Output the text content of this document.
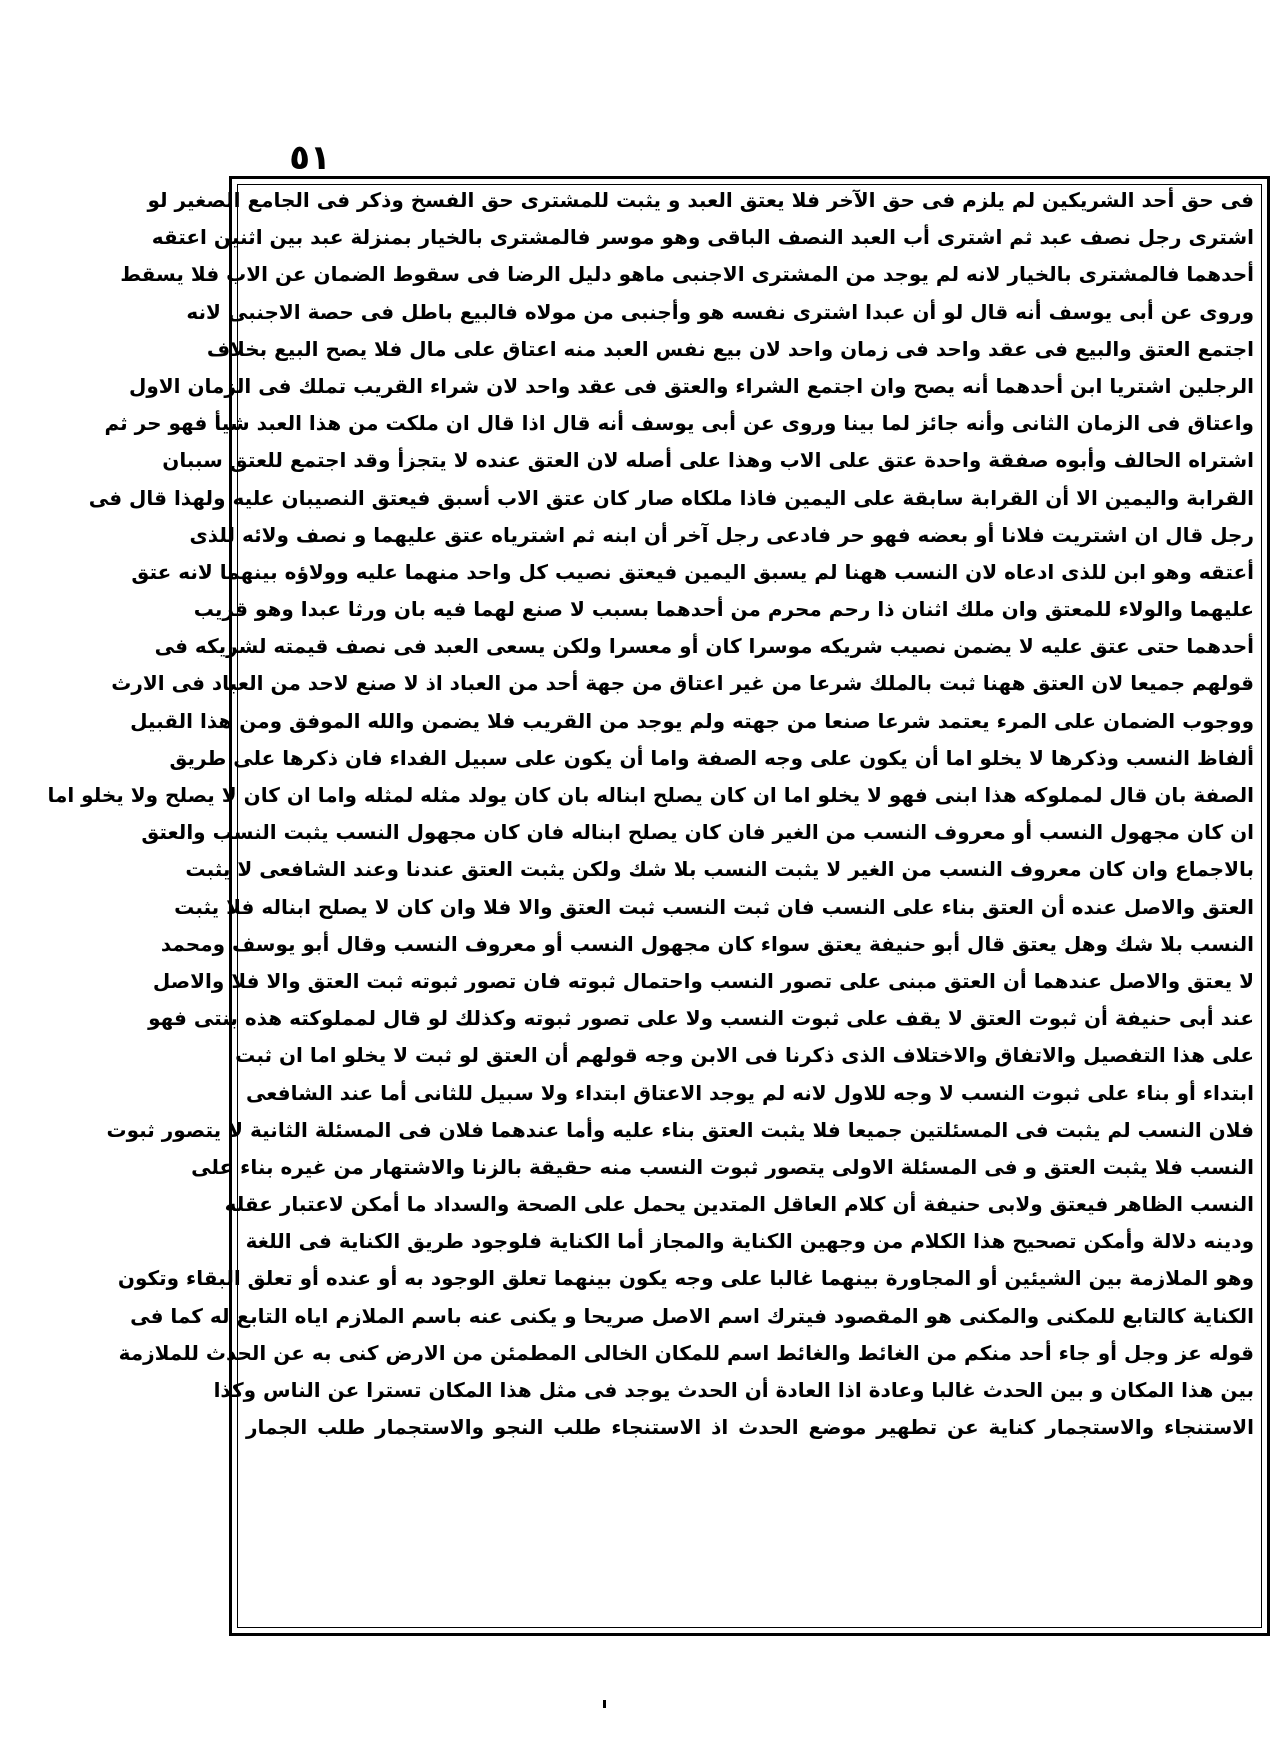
٥١
فى حق أحد الشريكين لم يلزم فى حق الآخر فلا يعتق العبد و يثبت للمشترى حق الفسخ وذكر فى الجامع الصغير لو
اشترى رجل نصف عبد ثم اشترى أب العبد النصف الباقى وهو موسر فالمشترى بالخيار بمنزلة عبد بين اثنين اعتقه
أحدهما فالمشترى بالخيار لانه لم يوجد من المشترى الاجنبى ماهو دليل الرضا فى سقوط الضمان عن الاب فلا يسقط
وروى عن أبى يوسف أنه قال لو أن عبدا اشترى نفسه هو وأجنبى من مولاه فالبيع باطل فى حصة الاجنبى لانه
اجتمع العتق والبيع فى عقد واحد فى زمان واحد لان بيع نفس العبد منه اعتاق على مال فلا يصح البيع بخلاف
الرجلين اشتريا ابن أحدهما أنه يصح وان اجتمع الشراء والعتق فى عقد واحد لان شراء القريب تملك فى الزمان الاول
واعتاق فى الزمان الثانى وأنه جائز لما بينا وروى عن أبى يوسف أنه قال اذا قال ان ملكت من هذا العبد شيأ فهو حر ثم
اشتراه الحالف وأبوه صفقة واحدة عتق على الاب وهذا على أصله لان العتق عنده لا يتجزأ وقد اجتمع للعتق سببان
القرابة واليمين الا أن القرابة سابقة على اليمين فاذا ملكاه صار كان عتق الاب أسبق فيعتق النصيبان عليه ولهذا قال فى
رجل قال ان اشتريت فلانا أو بعضه فهو حر فادعى رجل آخر أن ابنه ثم اشترياه عتق عليهما و نصف ولائه للذى
أعتقه وهو ابن للذى ادعاه لان النسب ههنا لم يسبق اليمين فيعتق نصيب كل واحد منهما عليه وولاؤه بينهما لانه عتق
عليهما والولاء للمعتق وان ملك اثنان ذا رحم محرم من أحدهما بسبب لا صنع لهما فيه بان ورثا عبدا وهو قريب
أحدهما حتى عتق عليه لا يضمن نصيب شريكه موسرا كان أو معسرا ولكن يسعى العبد فى نصف قيمته لشريكه فى
قولهم جميعا لان العتق ههنا ثبت بالملك شرعا من غير اعتاق من جهة أحد من العباد اذ لا صنع لاحد من العباد فى الارث
ووجوب الضمان على المرء يعتمد شرعا صنعا من جهته ولم يوجد من القريب فلا يضمن والله الموفق ومن هذا القبيل
ألفاظ النسب وذكرها لا يخلو اما أن يكون على وجه الصفة واما أن يكون على سبيل الفداء فان ذكرها على طريق
الصفة بان قال لمملوكه هذا ابنى فهو لا يخلو اما ان كان يصلح ابناله بان كان يولد مثله لمثله واما ان كان لا يصلح ولا يخلو اما
ان كان مجهول النسب أو معروف النسب من الغير فان كان يصلح ابناله فان كان مجهول النسب يثبت النسب والعتق
بالاجماع وان كان معروف النسب من الغير لا يثبت النسب بلا شك ولكن يثبت العتق عندنا وعند الشافعى لا يثبت
العتق والاصل عنده أن العتق بناء على النسب فان ثبت النسب ثبت العتق والا فلا وان كان لا يصلح ابناله فلا يثبت
النسب بلا شك وهل يعتق قال أبو حنيفة يعتق سواء كان مجهول النسب أو معروف النسب وقال أبو يوسف ومحمد
لا يعتق والاصل عندهما أن العتق مبنى على تصور النسب واحتمال ثبوته فان تصور ثبوته ثبت العتق والا فلا والاصل
عند أبى حنيفة أن ثبوت العتق لا يقف على ثبوت النسب ولا على تصور ثبوته وكذلك لو قال لمملوكته هذه بنتى فهو
على هذا التفصيل والاتفاق والاختلاف الذى ذكرنا فى الابن وجه قولهم أن العتق لو ثبت لا يخلو اما ان ثبت
ابتداء أو بناء على ثبوت النسب لا وجه للاول لانه لم يوجد الاعتاق ابتداء ولا سبيل للثانى أما عند الشافعى
فلان النسب لم يثبت فى المسئلتين جميعا فلا يثبت العتق بناء عليه وأما عندهما فلان فى المسئلة الثانية لا يتصور ثبوت
النسب فلا يثبت العتق و فى المسئلة الاولى يتصور ثبوت النسب منه حقيقة بالزنا والاشتهار من غيره بناء على
النسب الظاهر فيعتق ولابى حنيفة أن كلام العاقل المتدين يحمل على الصحة والسداد ما أمكن لاعتبار عقله
ودينه دلالة وأمكن تصحيح هذا الكلام من وجهين الكناية والمجاز أما الكناية فلوجود طريق الكناية فى اللغة
وهو الملازمة بين الشيئين أو المجاورة بينهما غالبا على وجه يكون بينهما تعلق الوجود به أو عنده أو تعلق البقاء وتكون
الكناية كالتابع للمكنى والمكنى هو المقصود فيترك اسم الاصل صريحا و يكنى عنه باسم الملازم اياه التابع له كما فى
قوله عز وجل أو جاء أحد منكم من الغائط والغائط اسم للمكان الخالى المطمئن من الارض كنى به عن الحدث للملازمة
بين هذا المكان و بين الحدث غالبا وعادة اذا العادة أن الحدث يوجد فى مثل هذا المكان تسترا عن الناس وكذا
الاستنجاء والاستجمار كناية عن تطهير موضع الحدث اذ الاستنجاء طلب النجو والاستجمار طلب الجمار
